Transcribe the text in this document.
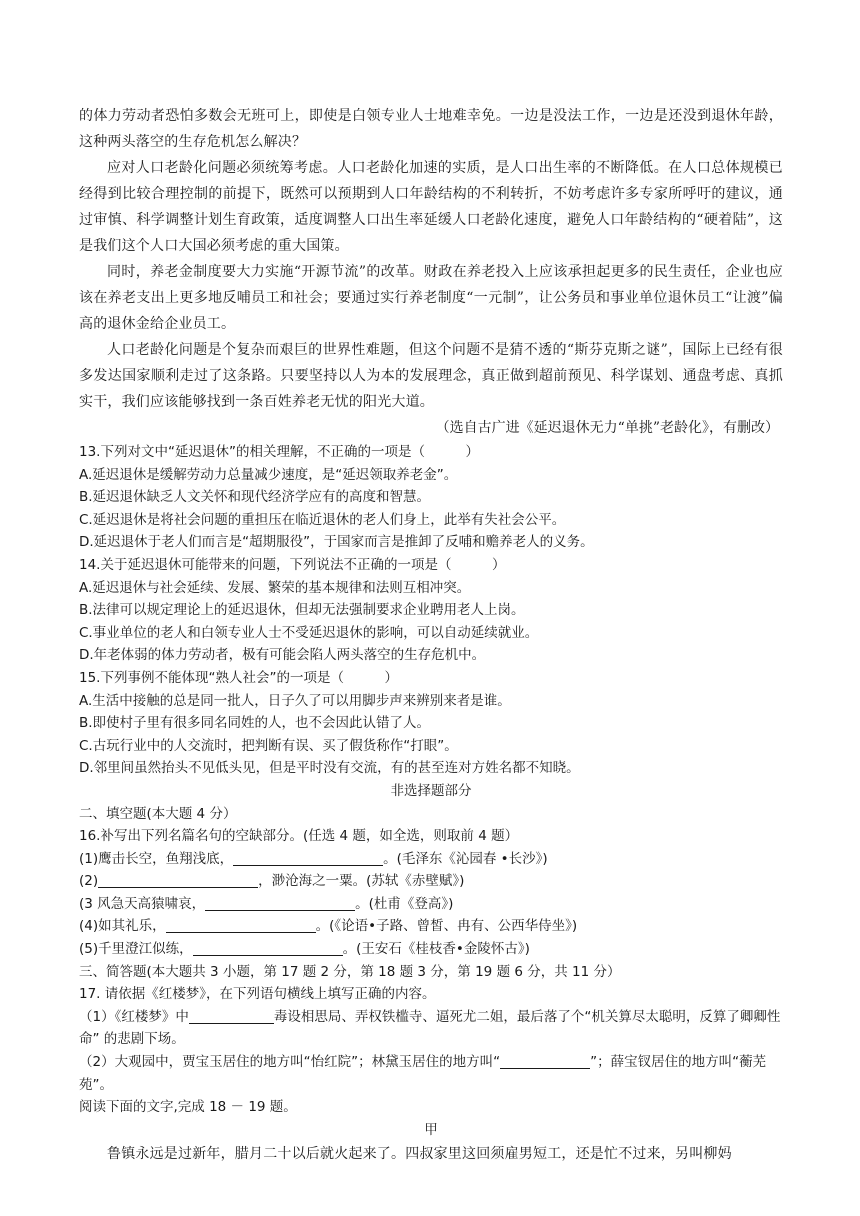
的体力劳动者恐怕多数会无班可上，即使是白领专业人士地难幸免。一边是没法工作，一边是还没到退休年龄，这种两头落空的生存危机怎么解决？

应对人口老龄化问题必须统筹考虑。人口老龄化加速的实质，是人口出生率的不断降低。在人口总体规模已经得到比较合理控制的前提下，既然可以预期到人口年龄结构的不利转折，不妨考虑许多专家所呼吁的建议，通过审慎、科学调整计划生育政策，适度调整人口出生率延缓人口老龄化速度，避免人口年龄结构的“硬着陆”，这是我们这个人口大国必须考虑的重大国策。

同时，养老金制度要大力实施“开源节流”的改革。财政在养老投入上应该承担起更多的民生责任，企业也应该在养老支出上更多地反哺员工和社会；要通过实行养老制度“一元制”，让公务员和事业单位退休员工“让渡”偏高的退休金给企业员工。

人口老龄化问题是个复杂而艰巨的世界性难题，但这个问题不是猜不透的“斯芬克斯之谜”，国际上已经有很多发达国家顺利走过了这条路。只要坚持以人为本的发展理念，真正做到超前预见、科学谋划、通盘考虑、真抓实干，我们应该能够找到一条百姓养老无忧的阳光大道。

（选自古广进《延迟退休无力“单挑”老龄化》，有删改）

13.下列对文中“延迟退休”的相关理解，不正确的一项是（　　　）

A.延迟退休是缓解劳动力总量减少速度，是“延迟领取养老金”。

B.延迟退休缺乏人文关怀和现代经济学应有的高度和智慧。

C.延迟退休是将社会问题的重担压在临近退休的老人们身上，此举有失社会公平。

D.延迟退休于老人们而言是“超期服役”，于国家而言是推卸了反哺和赡养老人的义务。

14.关于延迟退休可能带来的问题，下列说法不正确的一项是（　　　）

A.延迟退休与社会延续、发展、繁荣的基本规律和法则互相冲突。

B.法律可以规定理论上的延迟退休，但却无法强制要求企业聘用老人上岗。

C.事业单位的老人和白领专业人士不受延迟退休的影响，可以自动延续就业。

D.年老体弱的体力劳动者，极有可能会陷人两头落空的生存危机中。

15.下列事例不能体现“熟人社会”的一项是（　　　）

A.生活中接触的总是同一批人，日子久了可以用脚步声来辨别来者是谁。

B.即使村子里有很多同名同姓的人，也不会因此认错了人。

C.古玩行业中的人交流时，把判断有误、买了假货称作“打眼”。

D.邻里间虽然抬头不见低头见，但是平时没有交流，有的甚至连对方姓名都不知晓。

非选择题部分

二、填空题(本大题 4 分）

16.补写出下列名篇名句的空缺部分。(任选 4 题，如全选，则取前 4 题）

(1)鹰击长空，鱼翔浅底，	。(毛泽东《沁园春 •长沙》)

(2)	，渺沧海之一粟。(苏轼《赤壁赋》)

(3 风急天高猿啸哀，	。(杜甫《登高》)

(4)如其礼乐，	。(《论语•子路、曾皙、冉有、公西华侍坐》)

(5)千里澄江似练，	。(王安石《桂枝香•金陵怀古》)

三、简答题(本大题共 3 小题，第 17 题 2 分，第 18 题 3 分，第 19 题 6 分，共 11 分）

17. 请依据《红楼梦》，在下列语句横线上填写正确的内容。

（1）《红楼梦》中	毒设相思局、弄权铁槛寺、逼死尤二姐，最后落了个“机关算尽太聪明，反算了卿卿性命” 的悲剧下场。

（2）大观园中，贾宝玉居住的地方叫“怡红院”；林黛玉居住的地方叫“	”；薛宝钗居住的地方叫“蘅芜苑”。

阅读下面的文字,完成 18 － 19 题。

甲

鲁镇永远是过新年，腊月二十以后就火起来了。四叔家里这回须雇男短工，还是忙不过来，另叫柳妈
